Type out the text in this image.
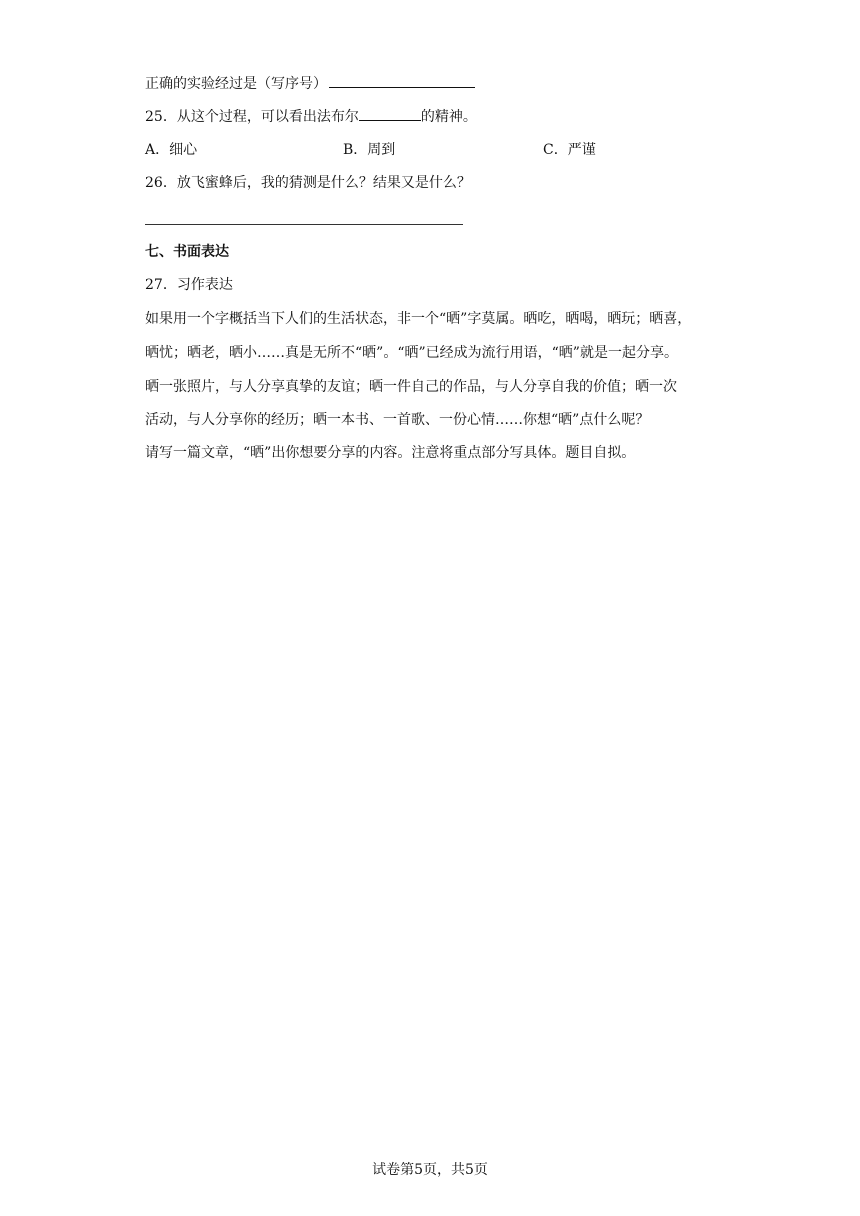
正确的实验经过是（写序号）
25．从这个过程，可以看出法布尔	的精神。
A．细心	B．周到	C．严谨
26．放飞蜜蜂后，我的猜测是什么？结果又是什么？
七、书面表达
27．习作表达
如果用一个字概括当下人们的生活状态，非一个“晒”字莫属。晒吃，晒喝，晒玩；晒喜，
晒忧；晒老，晒小……真是无所不“晒”。“晒”已经成为流行用语，“晒”就是一起分享。
晒一张照片，与人分享真挚的友谊；晒一件自己的作品，与人分享自我的价值；晒一次
活动，与人分享你的经历；晒一本书、一首歌、一份心情……你想“晒”点什么呢？
请写一篇文章，“晒”出你想要分享的内容。注意将重点部分写具体。题目自拟。
试卷第5页，共5页
